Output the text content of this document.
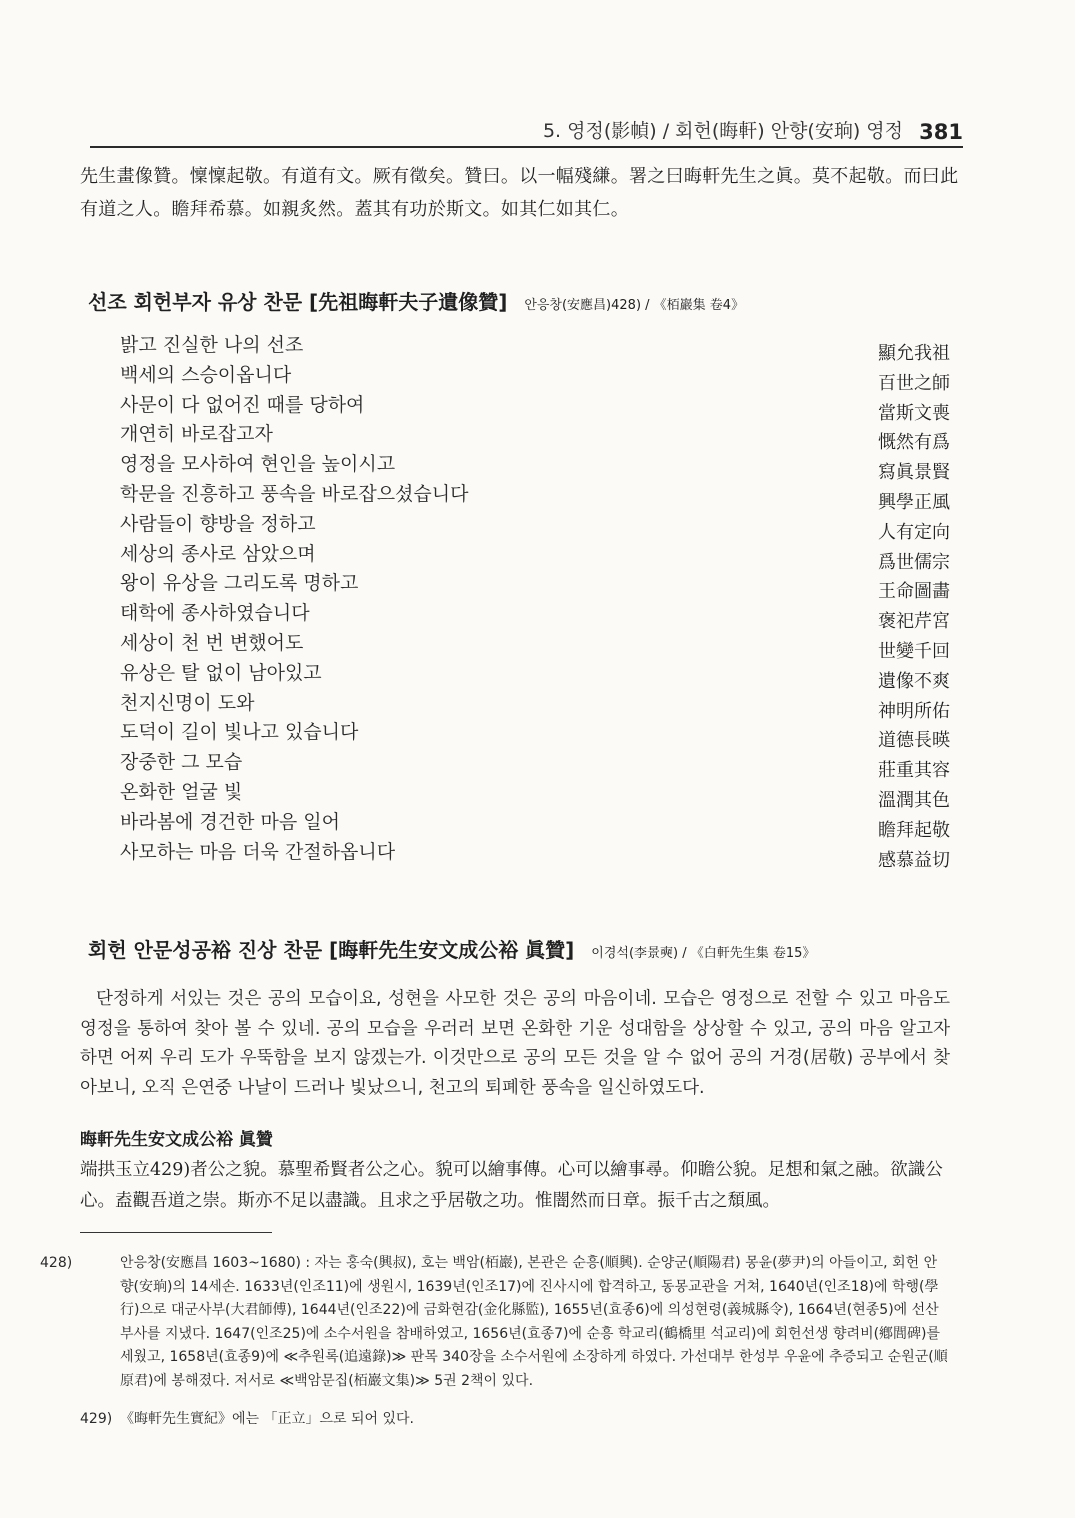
5. 영정(影幀) / 회헌(晦軒) 안향(安珦) 영정 381
先生畫像贊。懍懍起敬。有道有文。厥有徵矣。贊曰。以一幅殘縑。署之曰晦軒先生之眞。莫不起敬。而曰此有道之人。瞻拜希慕。如親炙然。蓋其有功於斯文。如其仁如其仁。
선조 회헌부자 유상 찬문 [先祖晦軒夫子遺像贊] 안응창(安應昌)428) / 《栢巖集 卷4》
밝고 진실한 나의 선조	顯允我祖
백세의 스승이옵니다	百世之師
사문이 다 없어진 때를 당하여	當斯文喪
개연히 바로잡고자	慨然有爲
영정을 모사하여 현인을 높이시고	寫眞景賢
학문을 진흥하고 풍속을 바로잡으셨습니다	興學正風
사람들이 향방을 정하고	人有定向
세상의 종사로 삼았으며	爲世儒宗
왕이 유상을 그리도록 명하고	王命圖畵
태학에 종사하였습니다	褒祀芹宮
세상이 천 번 변했어도	世變千回
유상은 탈 없이 남아있고	遺像不爽
천지신명이 도와	神明所佑
도덕이 길이 빛나고 있습니다	道德長暎
장중한 그 모습	莊重其容
온화한 얼굴 빛	溫潤其色
바라봄에 경건한 마음 일어	瞻拜起敬
사모하는 마음 더욱 간절하옵니다	感慕益切
회헌 안문성공裕 진상 찬문 [晦軒先生安文成公裕 眞贊] 이경석(李景奭) / 《白軒先生集 卷15》
단정하게 서있는 것은 공의 모습이요, 성현을 사모한 것은 공의 마음이네. 모습은 영정으로 전할 수 있고 마음도 영정을 통하여 찾아 볼 수 있네. 공의 모습을 우러러 보면 온화한 기운 성대함을 상상할 수 있고, 공의 마음 알고자 하면 어찌 우리 도가 우뚝함을 보지 않겠는가. 이것만으로 공의 모든 것을 알 수 없어 공의 거경(居敬) 공부에서 찾아보니, 오직 은연중 나날이 드러나 빛났으니, 천고의 퇴폐한 풍속을 일신하였도다.
晦軒先生安文成公裕 眞贊
端拱玉立429)者公之貌。慕聖希賢者公之心。貌可以繪事傳。心可以繪事尋。仰瞻公貌。足想和氣之融。欲識公心。盍觀吾道之崇。斯亦不足以盡識。且求之乎居敬之功。惟闇然而日章。振千古之頹風。
428)	안응창(安應昌 1603~1680) : 자는 홍숙(興叔), 호는 백암(栢巖), 본관은 순흥(順興). 순양군(順陽君) 몽윤(夢尹)의 아들이고, 회헌 안향(安珦)의 14세손. 1633년(인조11)에 생원시, 1639년(인조17)에 진사시에 합격하고, 동몽교관을 거쳐, 1640년(인조18)에 학행(學行)으로 대군사부(大君師傅), 1644년(인조22)에 금화현감(金化縣監), 1655년(효종6)에 의성현령(義城縣令), 1664년(현종5)에 선산부사를 지냈다. 1647(인조25)에 소수서원을 참배하였고, 1656년(효종7)에 순흥 학교리(鶴橋里 석교리)에 회헌선생 향려비(鄕閭碑)를 세웠고, 1658년(효종9)에 ≪추원록(追遠錄)≫ 판목 340장을 소수서원에 소장하게 하였다. 가선대부 한성부 우윤에 추증되고 순원군(順原君)에 봉해졌다. 저서로 ≪백암문집(栢巖文集)≫ 5권 2책이 있다.
429) 《晦軒先生實紀》에는 「正立」으로 되어 있다.
